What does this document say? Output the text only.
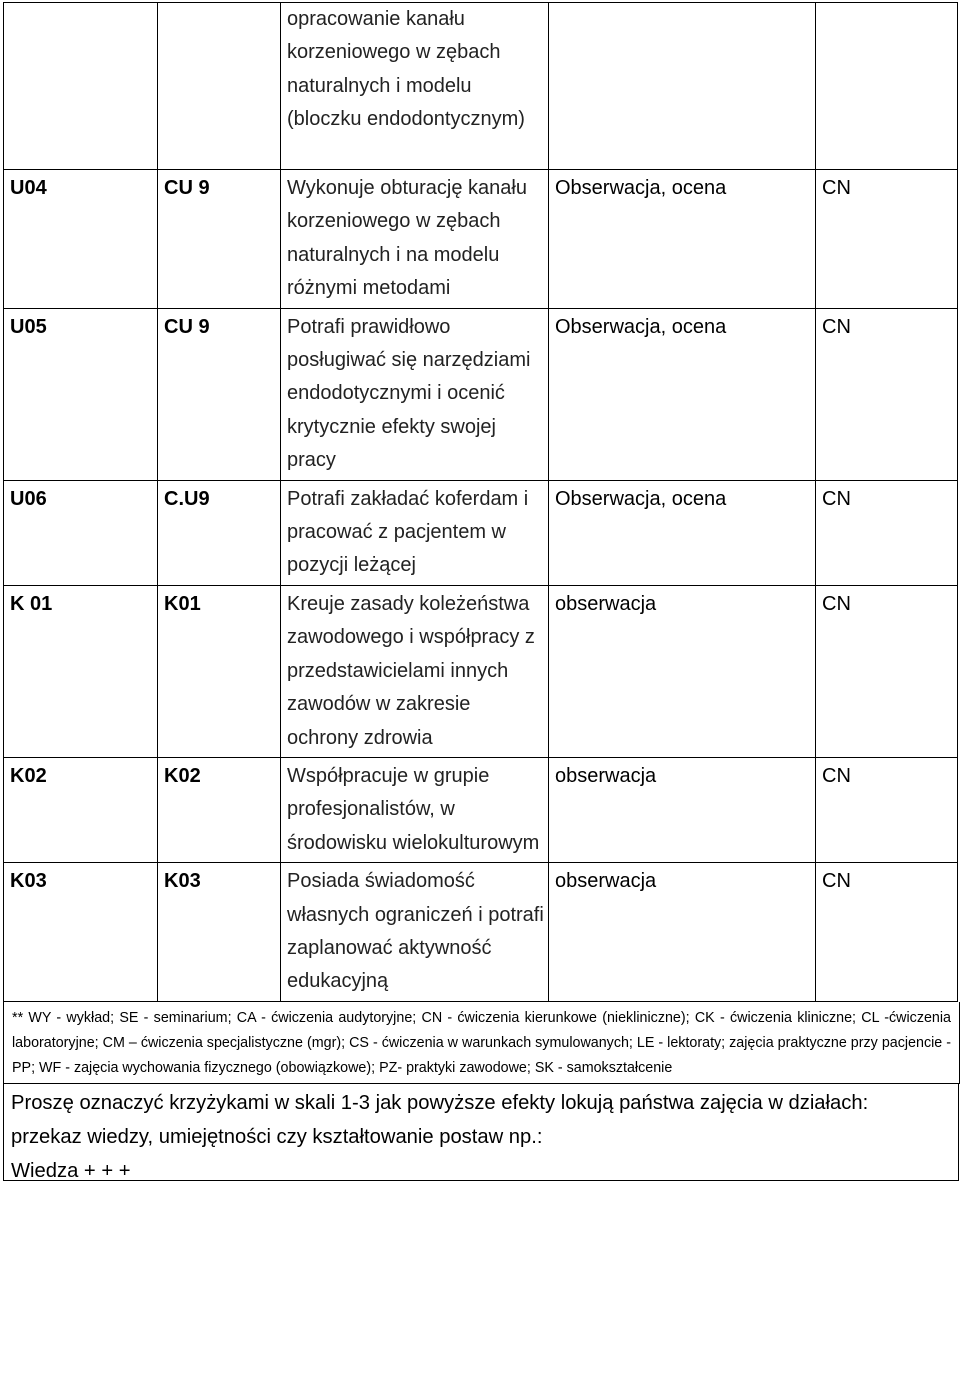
		opracowanie kanału korzeniowego w zębach naturalnych i modelu (bloczku endodontycznym)		
U04	CU 9	Wykonuje obturację kanału korzeniowego w zębach naturalnych i na modelu różnymi metodami	Obserwacja, ocena	CN
U05	CU 9	Potrafi prawidłowo posługiwać się narzędziami endodotycznymi i ocenić krytycznie efekty swojej pracy	Obserwacja, ocena	CN
U06	C.U9	Potrafi zakładać koferdam i pracować z pacjentem w pozycji leżącej	Obserwacja, ocena	CN
K 01	K01	Kreuje zasady koleżeństwa zawodowego i współpracy z przedstawicielami innych zawodów w zakresie ochrony zdrowia	obserwacja	CN
K02	K02	Współpracuje w grupie profesjonalistów, w środowisku wielokulturowym	obserwacja	CN
K03	K03	Posiada świadomość własnych ograniczeń i potrafi zaplanować aktywność edukacyjną	obserwacja	CN
** WY - wykład; SE - seminarium; CA - ćwiczenia audytoryjne; CN - ćwiczenia kierunkowe (niekliniczne); CK - ćwiczenia kliniczne; CL -ćwiczenia laboratoryjne; CM – ćwiczenia specjalistyczne (mgr); CS - ćwiczenia w warunkach symulowanych; LE - lektoraty; zajęcia praktyczne przy pacjencie - PP; WF - zajęcia wychowania fizycznego (obowiązkowe); PZ- praktyki zawodowe; SK - samokształcenie
Proszę oznaczyć krzyżykami w skali 1-3 jak powyższe efekty lokują państwa zajęcia w działach:
przekaz wiedzy, umiejętności czy kształtowanie postaw np.:
Wiedza + + +
